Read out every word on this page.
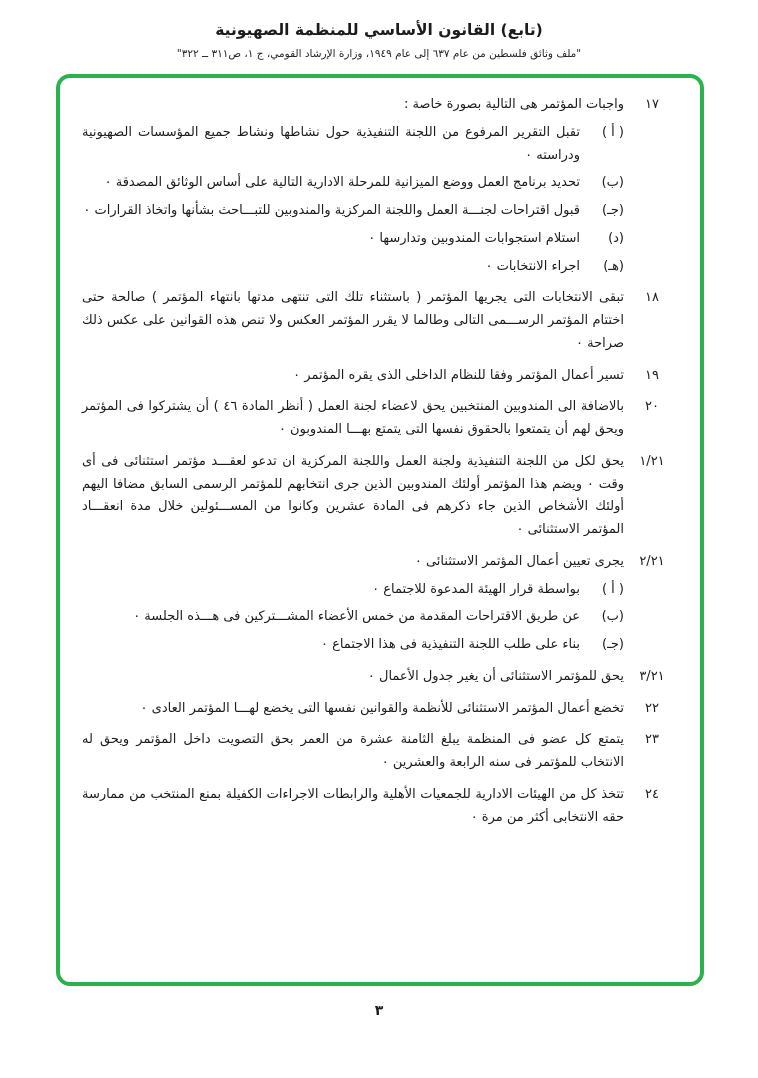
(تابع) القانون الأساسي للمنظمة الصهيونية
"ملف وثائق فلسطين من عام ٦٣٧ إلى عام ١٩٤٩، وزارة الإرشاد القومي، ج ١، ص٣١١ ــ ٣٢٢"
١٧
واجبات المؤتمر هى التالية بصورة خاصة :
( أ )
تقبل التقرير المرفوع من اللجنة التنفيذية حول نشاطها ونشاط جميع المؤسسات الصهيونية ودراسته ٠
(ب)
تحديد برنامج العمل ووضع الميزانية للمرحلة الادارية التالية على أساس الوثائق المصدقة ٠
(جـ)
قبول اقتراحات لجنـــة العمل واللجنة المركزية والمندوبين للتبـــاحث بشأنها واتخاذ القرارات ٠
(د)
استلام استجوابات المندوبين وتدارسها ٠
(هـ)
اجراء الانتخابات ٠
١٨
تبقى الانتخابات التى يجريها المؤتمر ( باستثناء تلك التى تنتهى مدتها بانتهاء المؤتمر ) صالحة حتى اختتام المؤتمر الرســـمى التالى وطالما لا يقرر المؤتمر العكس ولا تنص هذه القوانين على عكس ذلك صراحة ٠
١٩
تسير أعمال المؤتمر وفقا للنظام الداخلى الذى يقره المؤتمر ٠
٢٠
بالاضافة الى المندوبين المنتخبين يحق لاعضاء لجنة العمل ( أنظر المادة ٤٦ ) أن يشتركوا فى المؤتمر ويحق لهم أن يتمتعوا بالحقوق نفسها التى يتمتع بهـــا المندوبون ٠
١/٢١
يحق لكل من اللجنة التنفيذية ولجنة العمل واللجنة المركزية ان تدعو لعقـــد مؤتمر استثنائى فى أى وقت ٠ ويضم هذا المؤتمر أولئك المندوبين الذين جرى انتخابهم للمؤتمر الرسمى السابق مضافا اليهم أولئك الأشخاص الذين جاء ذكرهم فى المادة عشرين وكانوا من المســـئولين خلال مدة انعقـــاد المؤتمر الاستثنائى ٠
٢/٢١
يجرى تعيين أعمال المؤتمر الاستثنائى ٠
( أ )
بواسطة قرار الهيئة المدعوة للاجتماع ٠
(ب)
عن طريق الاقتراحات المقدمة من خمس الأعضاء المشـــتركين فى هـــذه الجلسة ٠
(جـ)
بناء على طلب اللجنة التنفيذية فى هذا الاجتماع ٠
٣/٢١
يحق للمؤتمر الاستثنائى أن يغير جدول الأعمال ٠
٢٢
تخضع أعمال المؤتمر الاستثنائى للأنظمة والقوانين نفسها التى يخضع لهـــا المؤتمر العادى ٠
٢٣
يتمتع كل عضو فى المنظمة يبلغ الثامنة عشرة من العمر بحق التصويت داخل المؤتمر ويحق له الانتخاب للمؤتمر فى سنه الرابعة والعشرين ٠
٢٤
تتخذ كل من الهيئات الادارية للجمعيات الأهلية والرابطات الاجراءات الكفيلة بمنع المنتخب من ممارسة حقه الانتخابى أكثر من مرة ٠
٣
